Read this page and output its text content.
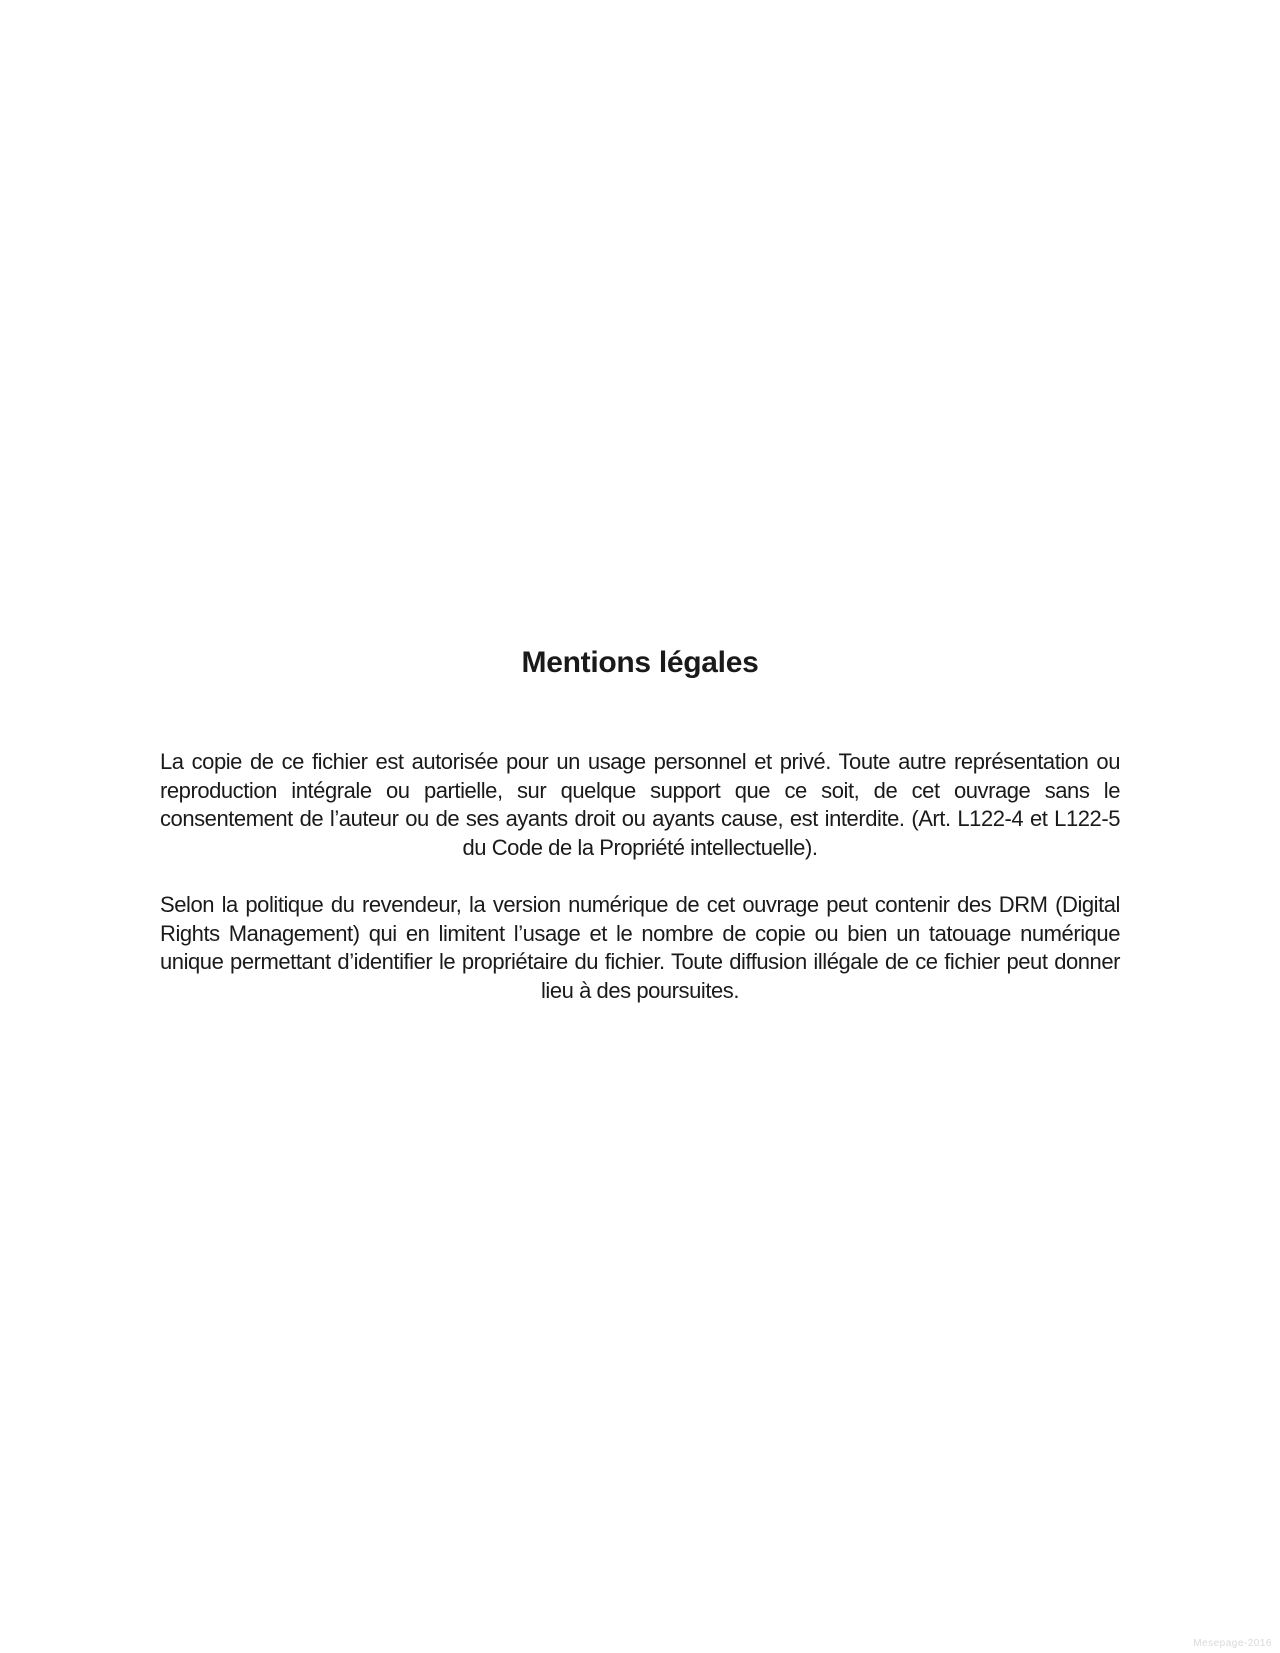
Mentions légales

La copie de ce fichier est autorisée pour un usage personnel et privé. Toute autre représentation ou reproduction intégrale ou partielle, sur quelque support que ce soit, de cet ouvrage sans le consentement de l’auteur ou de ses ayants droit ou ayants cause, est interdite. (Art. L122-4 et L122-5 du Code de la Propriété intellectuelle).

Selon la politique du revendeur, la version numérique de cet ouvrage peut contenir des DRM (Digital Rights Management) qui en limitent l’usage et le nombre de copie ou bien un tatouage numérique unique permettant d’identifier le propriétaire du fichier. Toute diffusion illégale de ce fichier peut donner lieu à des poursuites.

Mesepage-2016
